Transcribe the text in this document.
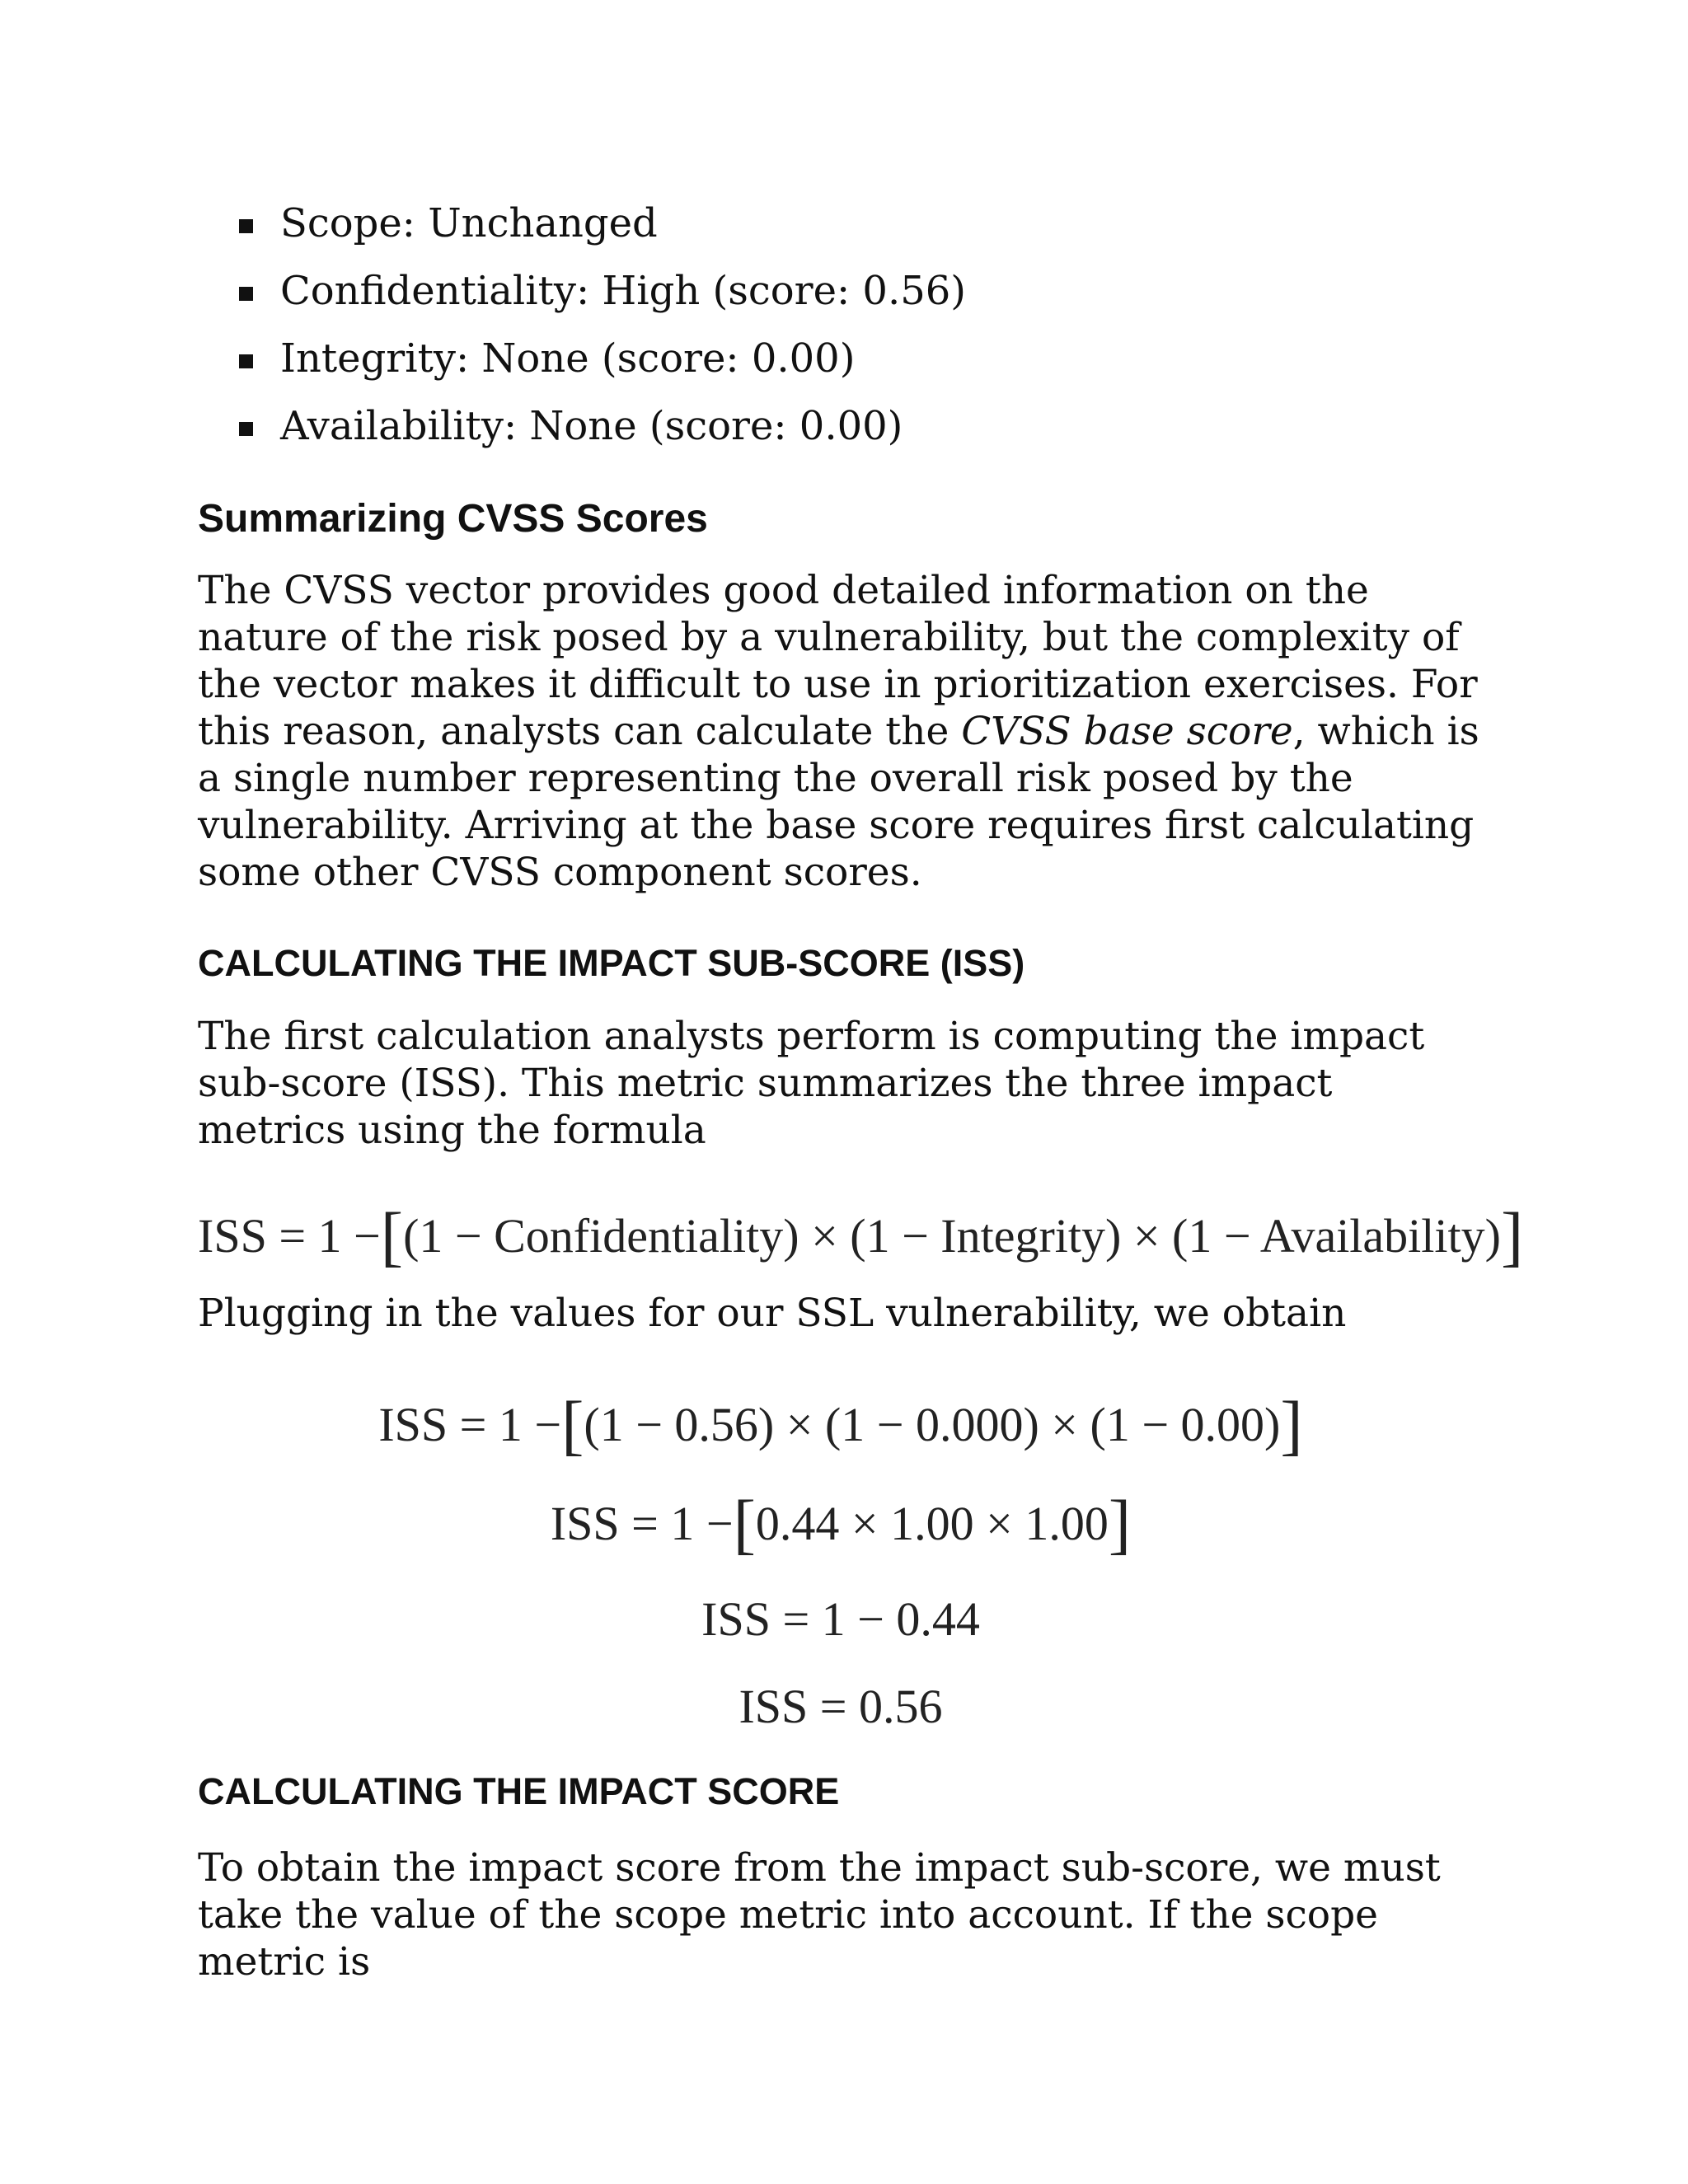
Scope: Unchanged
Confidentiality: High (score: 0.56)
Integrity: None (score: 0.00)
Availability: None (score: 0.00)
Summarizing CVSS Scores

The CVSS vector provides good detailed information on the nature of the risk posed by a vulnerability, but the complexity of the vector makes it difficult to use in prioritization exercises. For this reason, analysts can calculate the CVSS base score, which is a single number representing the overall risk posed by the vulnerability. Arriving at the base score requires first calculating some other CVSS component scores.

CALCULATING THE IMPACT SUB-SCORE (ISS)

The first calculation analysts perform is computing the impact sub-score (ISS). This metric summarizes the three impact metrics using the formula

ISS = 1 −[(1 − Confidentiality) × (1 − Integrity) × (1 − Availability)]

Plugging in the values for our SSL vulnerability, we obtain

ISS = 1 −[(1 − 0.56) × (1 − 0.000) × (1 − 0.00)]
ISS = 1 −[0.44 × 1.00 × 1.00]
ISS = 1 − 0.44
ISS = 0.56
CALCULATING THE IMPACT SCORE

To obtain the impact score from the impact sub-score, we must take the value of the scope metric into account. If the scope metric is
